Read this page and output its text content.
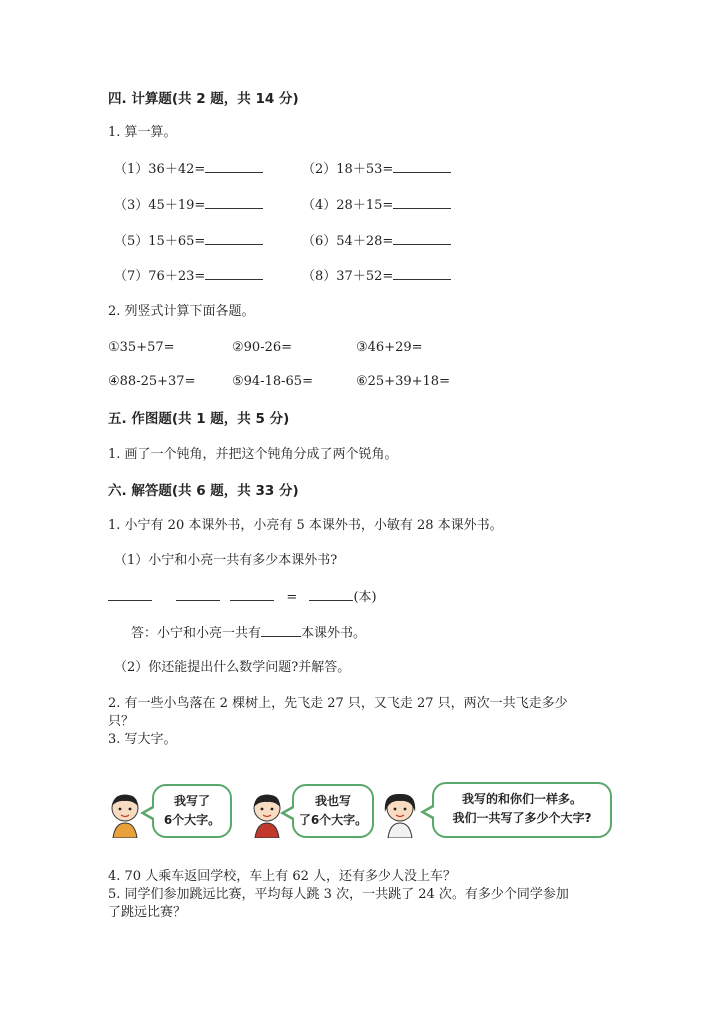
四. 计算题(共 2 题，共 14 分)
1. 算一算。
（1）36＋42=	（2）18＋53=
（3）45＋19=	（4）28＋15=
（5）15＋65=	（6）54＋28=
（7）76＋23=	（8）37＋52=
2. 列竖式计算下面各题。
①35+57=	②90-26=	③46+29=
④88-25+37=	⑤94-18-65=	⑥25+39+18=
五. 作图题(共 1 题，共 5 分)
1. 画了一个钝角，并把这个钝角分成了两个锐角。
六. 解答题(共 6 题，共 33 分)
1. 小宁有 20 本课外书，小亮有 5 本课外书，小敏有 28 本课外书。
（1）小宁和小亮一共有多少本课外书?
=	(本)
答：小宁和小亮一共有	本课外书。
（2）你还能提出什么数学问题?并解答。
2. 有一些小鸟落在 2 棵树上，先飞走 27 只，又飞走 27 只，两次一共飞走多少
只？
3. 写大字。
我写了
6个大字。
我也写
了6个大字。
我写的和你们一样多。
我们一共写了多少个大字?
4. 70 人乘车返回学校，车上有 62 人，还有多少人没上车？
5. 同学们参加跳远比赛，平均每人跳 3 次，一共跳了 24 次。有多少个同学参加
了跳远比赛？
